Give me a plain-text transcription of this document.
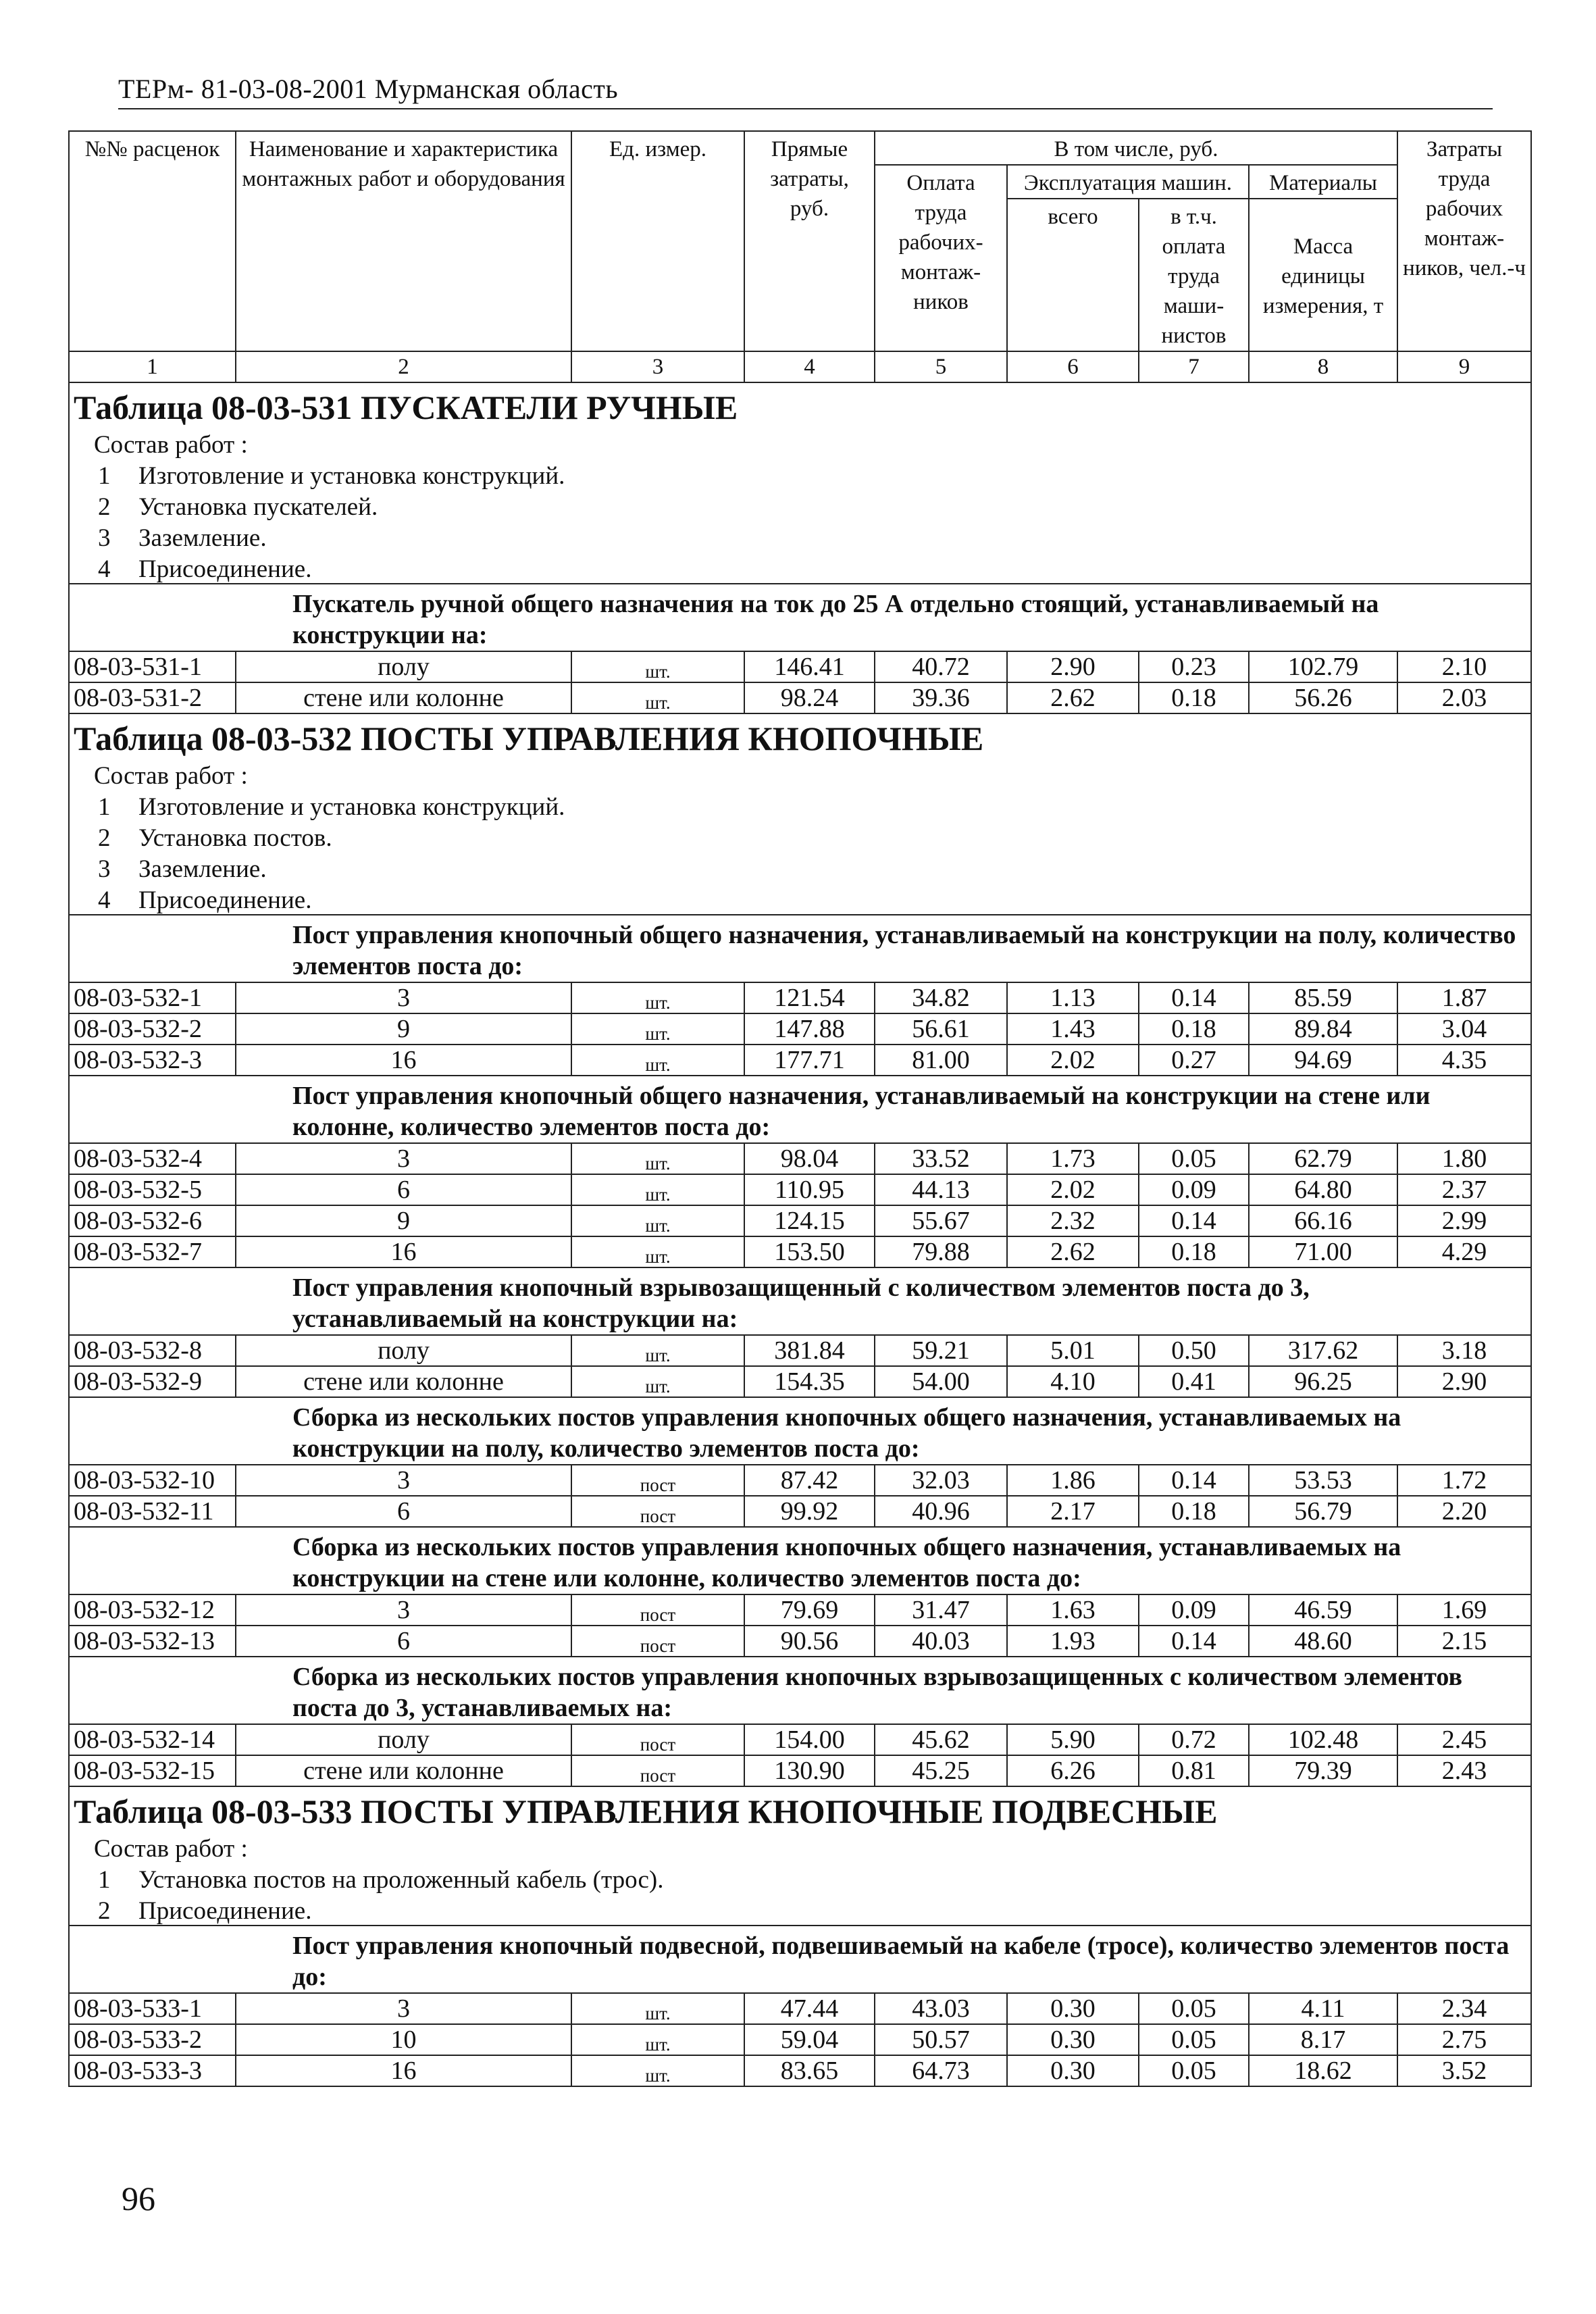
ТЕРм- 81-03-08-2001 Мурманская область
№№ расценок	Наименование и характеристика монтажных работ и оборудования	Ед. измер.	Прямые затраты, руб.	В том числе, руб.				Затраты труда рабочих монтаж-ников, чел.-ч
				Оплата труда рабочих-монтаж-ников	Эксплуатация машин.		Материалы	
					всего	в т.ч. оплата труда маши-нистов	Масса единицы измерения, т	
1	2	3	4	5	6	7	8	9
Таблица 08-03-531 ПУСКАТЕЛИ РУЧНЫЕ								
Состав работ :								
1 Изготовление и установка конструкций.								
2 Установка пускателей.								
3 Заземление.								
4 Присоединение.								
Пускатель ручной общего назначения на ток до 25 А отдельно стоящий, устанавливаемый на конструкции на:								
08-03-531-1	полу	шт.	146.41	40.72	2.90	0.23	102.79	2.10
08-03-531-2	стене или колонне	шт.	98.24	39.36	2.62	0.18	56.26	2.03
Таблица 08-03-532 ПОСТЫ УПРАВЛЕНИЯ КНОПОЧНЫЕ								
Состав работ :								
1 Изготовление и установка конструкций.								
2 Установка постов.								
3 Заземление.								
4 Присоединение.								
Пост управления кнопочный общего назначения, устанавливаемый на конструкции на полу, количество элементов поста до:								
08-03-532-1	3	шт.	121.54	34.82	1.13	0.14	85.59	1.87
08-03-532-2	9	шт.	147.88	56.61	1.43	0.18	89.84	3.04
08-03-532-3	16	шт.	177.71	81.00	2.02	0.27	94.69	4.35
Пост управления кнопочный общего назначения, устанавливаемый на конструкции на стене или колонне, количество элементов поста до:								
08-03-532-4	3	шт.	98.04	33.52	1.73	0.05	62.79	1.80
08-03-532-5	6	шт.	110.95	44.13	2.02	0.09	64.80	2.37
08-03-532-6	9	шт.	124.15	55.67	2.32	0.14	66.16	2.99
08-03-532-7	16	шт.	153.50	79.88	2.62	0.18	71.00	4.29
Пост управления кнопочный взрывозащищенный с количеством элементов поста до 3, устанавливаемый на конструкции на:								
08-03-532-8	полу	шт.	381.84	59.21	5.01	0.50	317.62	3.18
08-03-532-9	стене или колонне	шт.	154.35	54.00	4.10	0.41	96.25	2.90
Сборка из нескольких постов управления кнопочных общего назначения, устанавливаемых на конструкции на полу, количество элементов поста до:								
08-03-532-10	3	пост	87.42	32.03	1.86	0.14	53.53	1.72
08-03-532-11	6	пост	99.92	40.96	2.17	0.18	56.79	2.20
Сборка из нескольких постов управления кнопочных общего назначения, устанавливаемых на конструкции на стене или колонне, количество элементов поста до:								
08-03-532-12	3	пост	79.69	31.47	1.63	0.09	46.59	1.69
08-03-532-13	6	пост	90.56	40.03	1.93	0.14	48.60	2.15
Сборка из нескольких постов управления кнопочных взрывозащищенных с количеством элементов поста до 3, устанавливаемых на:								
08-03-532-14	полу	пост	154.00	45.62	5.90	0.72	102.48	2.45
08-03-532-15	стене или колонне	пост	130.90	45.25	6.26	0.81	79.39	2.43
Таблица 08-03-533 ПОСТЫ УПРАВЛЕНИЯ КНОПОЧНЫЕ ПОДВЕСНЫЕ								
Состав работ :								
1 Установка постов на проложенный кабель (трос).								
2 Присоединение.								
Пост управления кнопочный подвесной, подвешиваемый на кабеле (тросе), количество элементов поста до:								
08-03-533-1	3	шт.	47.44	43.03	0.30	0.05	4.11	2.34
08-03-533-2	10	шт.	59.04	50.57	0.30	0.05	8.17	2.75
08-03-533-3	16	шт.	83.65	64.73	0.30	0.05	18.62	3.52
96
